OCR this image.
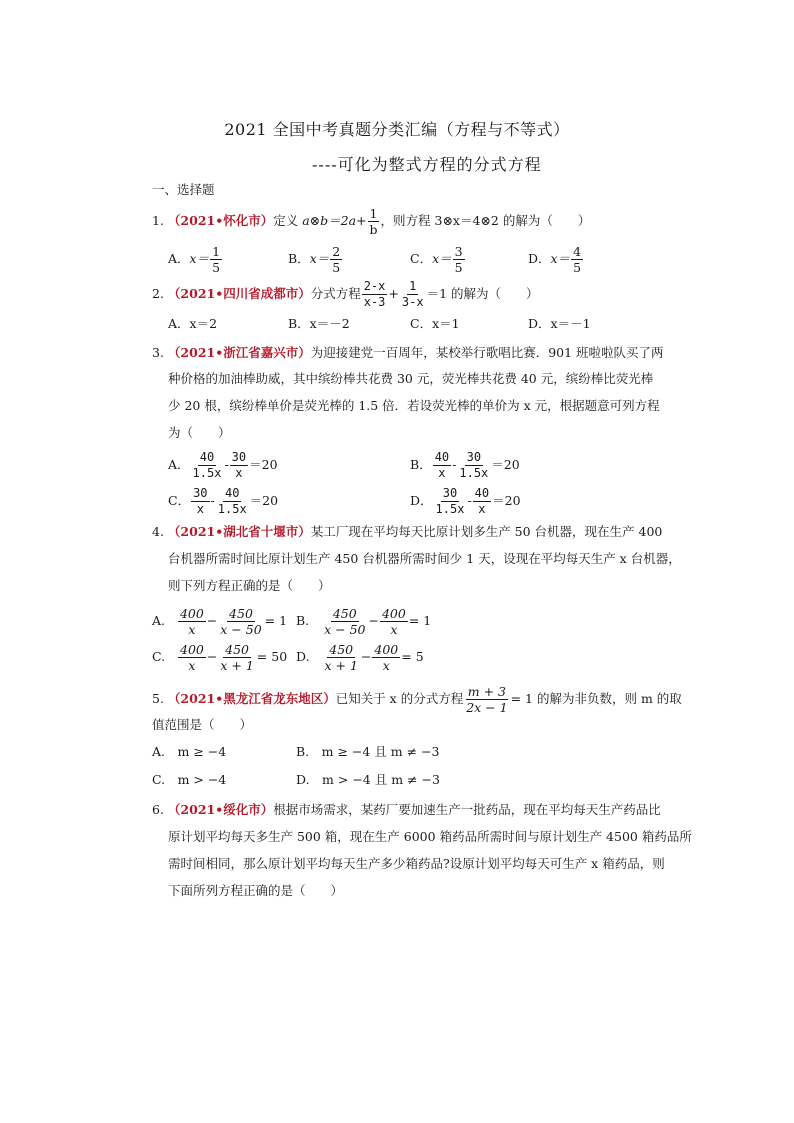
2021 全国中考真题分类汇编（方程与不等式）
----可化为整式方程的分式方程
一、选择题
1. （2021•怀化市）定义 a⊗b＝2a+ $\frac{1}{b}$ ，则方程 3⊗x＝4⊗2 的解为（　　）
A．$x= \frac{1}{5}$	B．$x= \frac{2}{5}$	C．$x= \frac{3}{5}$	D．$x= \frac{4}{5}$
2. （2021•四川省成都市）分式方程 $\frac{2-x}{x-3} + \frac{1}{3-x} =1$ 的解为（　　）
A．x＝2	B．x＝－2	C．x＝1	D．x＝－1
3. （2021•浙江省嘉兴市）为迎接建党一百周年，某校举行歌唱比赛．901 班啦啦队买了两
种价格的加油棒助威，其中缤纷棒共花费 30 元，荧光棒共花费 40 元，缤纷棒比荧光棒
少 20 根，缤纷棒单价是荧光棒的 1.5 倍．若设荧光棒的单价为 x 元，根据题意可列方程
为（　　）
A． $\frac{40}{1.5x} - \frac{30}{x} =20$	B． $\frac{40}{x} - \frac{30}{1.5x} =20$
C． $\frac{30}{x} - \frac{40}{1.5x} =20$	D． $\frac{30}{1.5x} - \frac{40}{x} =20$
4. （2021•湖北省十堰市）某工厂现在平均每天比原计划多生产 50 台机器，现在生产 400
台机器所需时间比原计划生产 450 台机器所需时间少 1 天，设现在平均每天生产 x 台机器，
则下列方程正确的是（　　）
A. $\frac{400}{x} - \frac{450}{x - 50} = 1$ B. $\frac{450}{x - 50} - \frac{400}{x} = 1$
C. $\frac{400}{x} - \frac{450}{x + 1} = 50$ D. $\frac{450}{x + 1} - \frac{400}{x} = 5$
5. （2021•黑龙江省龙东地区）已知关于 x 的分式方程 $\frac{m + 3}{2x - 1} = 1$ 的解为非负数，则 m 的取
值范围是（　　）
A.　m ≥ −4	B.　m ≥ −4 且 m ≠ −3
C.　m > −4	D.　m > −4 且 m ≠ −3
6. （2021•绥化市）根据市场需求，某药厂要加速生产一批药品，现在平均每天生产药品比
原计划平均每天多生产 500 箱，现在生产 6000 箱药品所需时间与原计划生产 4500 箱药品所
需时间相同，那么原计划平均每天生产多少箱药品?设原计划平均每天可生产 x 箱药品，则
下面所列方程正确的是（　　）
